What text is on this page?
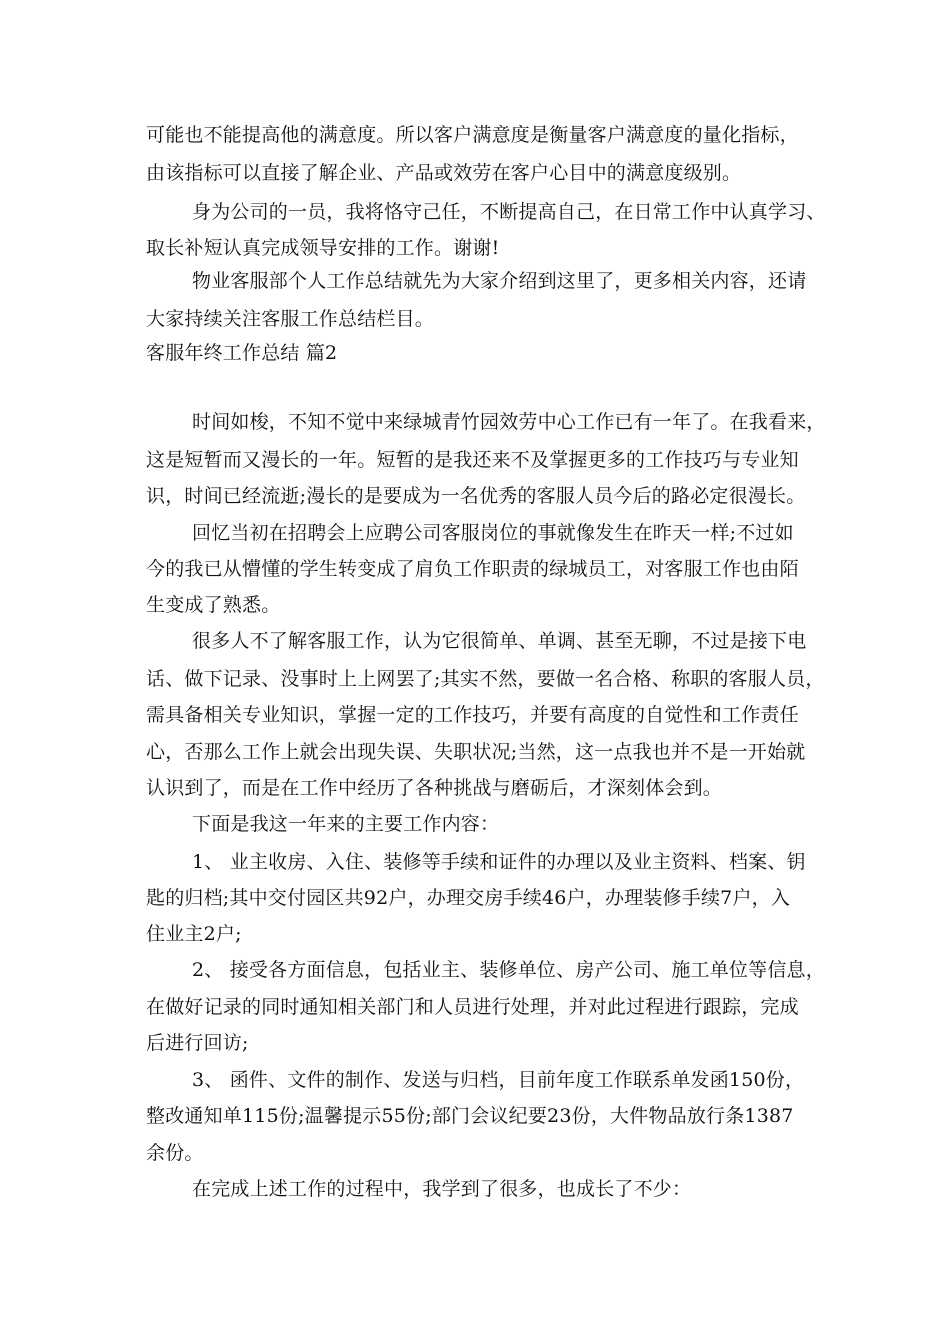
可能也不能提高他的满意度。所以客户满意度是衡量客户满意度的量化指标，
由该指标可以直接了解企业、产品或效劳在客户心目中的满意度级别。
身为公司的一员，我将恪守己任，不断提高自己，在日常工作中认真学习、
取长补短认真完成领导安排的工作。谢谢!
物业客服部个人工作总结就先为大家介绍到这里了，更多相关内容，还请
大家持续关注客服工作总结栏目。
客服年终工作总结 篇2
时间如梭，不知不觉中来绿城青竹园效劳中心工作已有一年了。在我看来，
这是短暂而又漫长的一年。短暂的是我还来不及掌握更多的工作技巧与专业知
识，时间已经流逝;漫长的是要成为一名优秀的客服人员今后的路必定很漫长。
回忆当初在招聘会上应聘公司客服岗位的事就像发生在昨天一样;不过如
今的我已从懵懂的学生转变成了肩负工作职责的绿城员工，对客服工作也由陌
生变成了熟悉。
很多人不了解客服工作，认为它很简单、单调、甚至无聊，不过是接下电
话、做下记录、没事时上上网罢了;其实不然，要做一名合格、称职的客服人员，
需具备相关专业知识，掌握一定的工作技巧，并要有高度的自觉性和工作责任
心，否那么工作上就会出现失误、失职状况;当然，这一点我也并不是一开始就
认识到了，而是在工作中经历了各种挑战与磨砺后，才深刻体会到。
下面是我这一年来的主要工作内容：
1、 业主收房、入住、装修等手续和证件的办理以及业主资料、档案、钥
匙的归档;其中交付园区共92户，办理交房手续46户，办理装修手续7户，入
住业主2户;
2、 接受各方面信息，包括业主、装修单位、房产公司、施工单位等信息，
在做好记录的同时通知相关部门和人员进行处理，并对此过程进行跟踪，完成
后进行回访;
3、 函件、文件的制作、发送与归档，目前年度工作联系单发函150份，
整改通知单115份;温馨提示55份;部门会议纪要23份，大件物品放行条1387
余份。
在完成上述工作的过程中，我学到了很多，也成长了不少：
